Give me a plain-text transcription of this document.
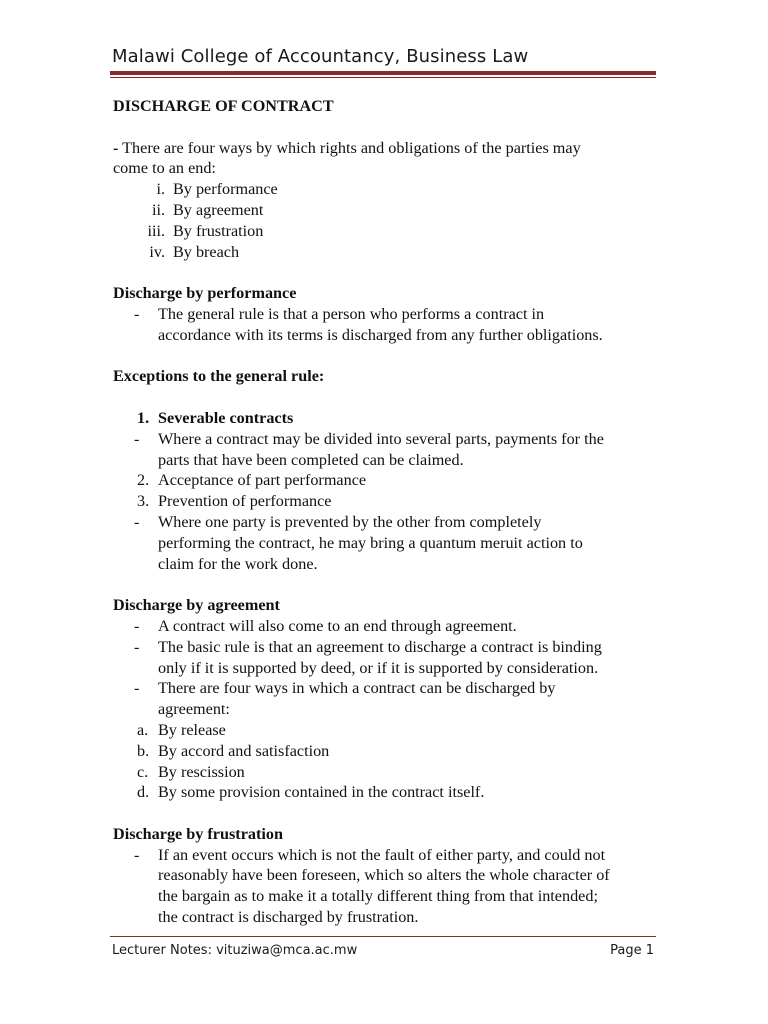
Malawi College of Accountancy, Business Law
DISCHARGE OF CONTRACT
- There are four ways by which rights and obligations of the parties may
come to an end:
i. By performance
ii. By agreement
iii. By frustration
iv. By breach
Discharge by performance
-	The general rule is that a person who performs a contract in
accordance with its terms is discharged from any further obligations.
Exceptions to the general rule:
1. Severable contracts
-	Where a contract may be divided into several parts, payments for the
parts that have been completed can be claimed.
2. Acceptance of part performance
3. Prevention of performance
-	Where one party is prevented by the other from completely
performing the contract, he may bring a quantum meruit action to
claim for the work done.
Discharge by agreement
-	A contract will also come to an end through agreement.
-	The basic rule is that an agreement to discharge a contract is binding
only if it is supported by deed, or if it is supported by consideration.
-	There are four ways in which a contract can be discharged by
agreement:
a. By release
b. By accord and satisfaction
c. By rescission
d. By some provision contained in the contract itself.
Discharge by frustration
-	If an event occurs which is not the fault of either party, and could not
reasonably have been foreseen, which so alters the whole character of
the bargain as to make it a totally different thing from that intended;
the contract is discharged by frustration.
Lecturer Notes: vituziwa@mca.ac.mw	Page 1
